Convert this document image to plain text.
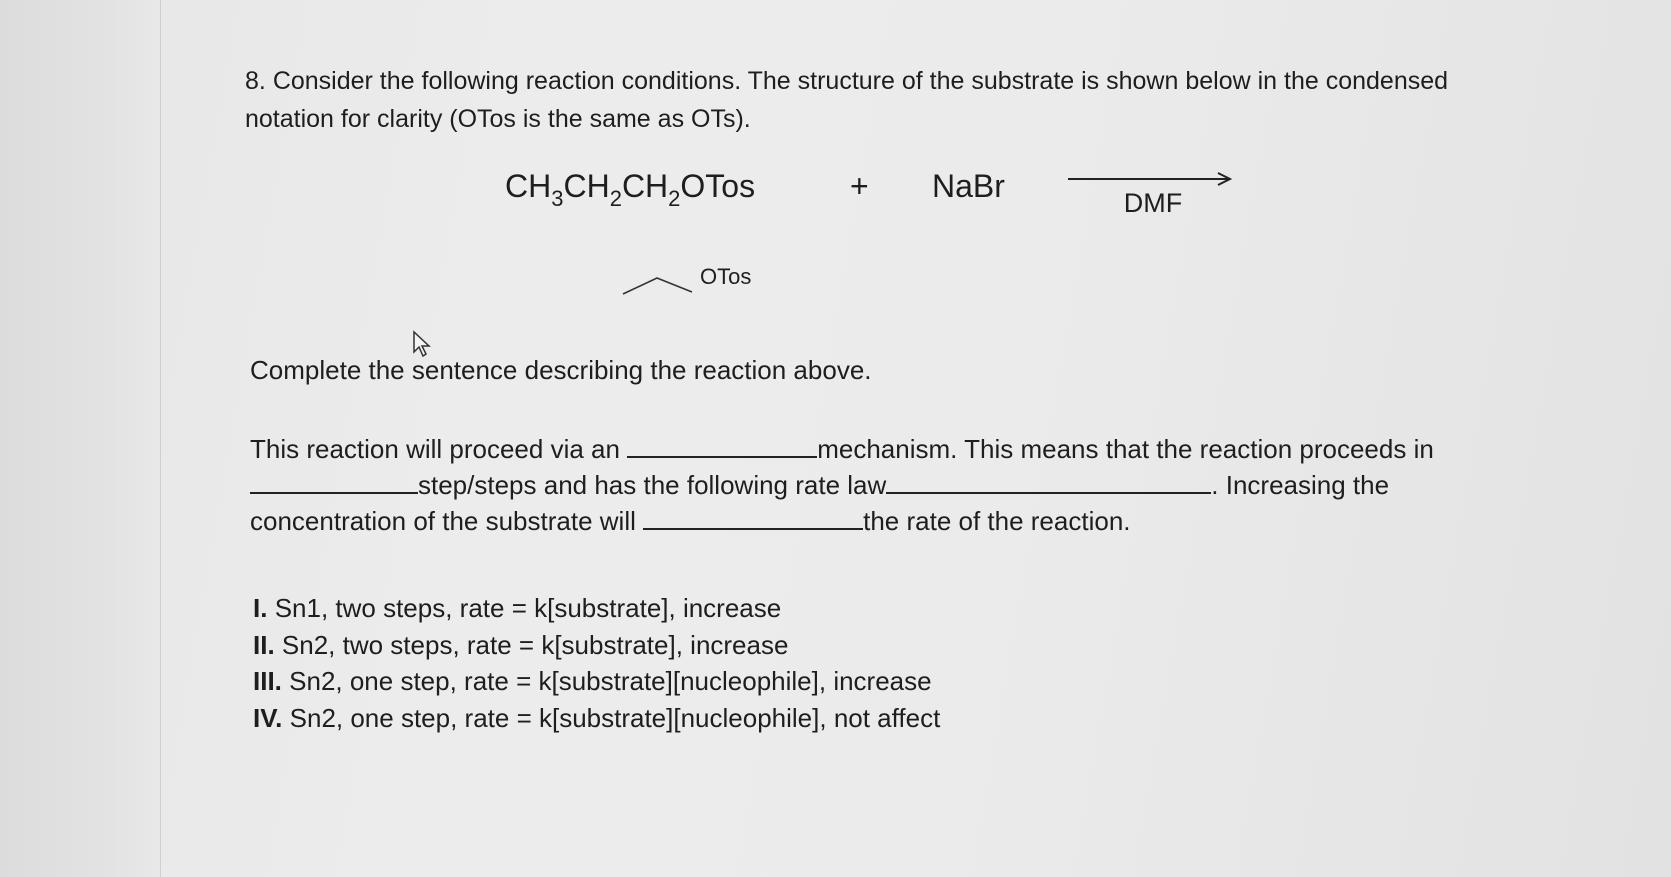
8. Consider the following reaction conditions. The structure of the substrate is shown below in the condensed
notation for clarity (OTos is the same as OTs).
$CH_3CH_2CH_2OTos$	+ NaBr	DMF
OTos
Complete the sentence describing the reaction above.
This reaction will proceed via an	mechanism. This means that the reaction proceeds in
step/steps and has the following rate law	. Increasing the
concentration of the substrate will	the rate of the reaction.
I. Sn1, two steps, rate = k[substrate], increase
II. Sn2, two steps, rate = k[substrate], increase
III. Sn2, one step, rate = k[substrate][nucleophile], increase
IV. Sn2, one step, rate = k[substrate][nucleophile], not affect
